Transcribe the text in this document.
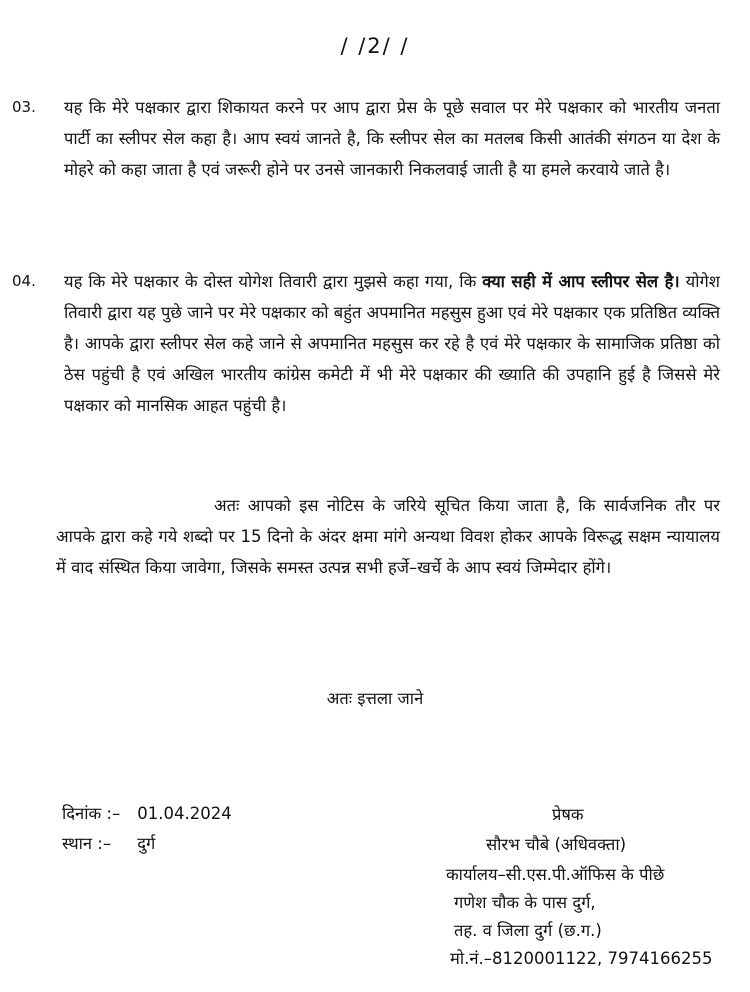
/ /2/ /
03. यह कि मेरे पक्षकार द्वारा शिकायत करने पर आप द्वारा प्रेस के पूछे सवाल पर मेरे पक्षकार को भारतीय जनता पार्टी का स्लीपर सेल कहा है। आप स्वयं जानते है, कि स्लीपर सेल का मतलब किसी आतंकी संगठन या देश के मोहरे को कहा जाता है एवं जरूरी होने पर उनसे जानकारी निकलवाई जाती है या हमले करवाये जाते है।
04. यह कि मेरे पक्षकार के दोस्त योगेश तिवारी द्वारा मुझसे कहा गया, कि क्या सही में आप स्लीपर सेल है। योगेश तिवारी द्वारा यह पुछे जाने पर मेरे पक्षकार को बहुंत अपमानित महसुस हुआ एवं मेरे पक्षकार एक प्रतिष्ठित व्यक्ति है। आपके द्वारा स्लीपर सेल कहे जाने से अपमानित महसुस कर रहे है एवं मेरे पक्षकार के सामाजिक प्रतिष्ठा को ठेस पहुंची है एवं अखिल भारतीय कांग्रेस कमेटी में भी मेरे पक्षकार की ख्याति की उपहानि हुई है जिससे मेरे पक्षकार को मानसिक आहत पहुंची है।
अतः आपको इस नोटिस के जरिये सूचित किया जाता है, कि सार्वजनिक तौर पर आपके द्वारा कहे गये शब्दो पर 15 दिनो के अंदर क्षमा मांगे अन्यथा विवश होकर आपके विरूद्ध सक्षम न्यायालय में वाद संस्थित किया जावेगा, जिसके समस्त उत्पन्न सभी हर्जे–खर्चे के आप स्वयं जिम्मेदार होंगे।
अतः इत्तला जाने
दिनांक :– 01.04.2024
स्थान :– दुर्ग
प्रेषक
सौरभ चौबे (अधिवक्ता)
कार्यालय–सी.एस.पी.ऑफिस के पीछे
गणेश चौक के पास दुर्ग,
तह. व जिला दुर्ग (छ.ग.)
मो.नं.–8120001122, 7974166255
